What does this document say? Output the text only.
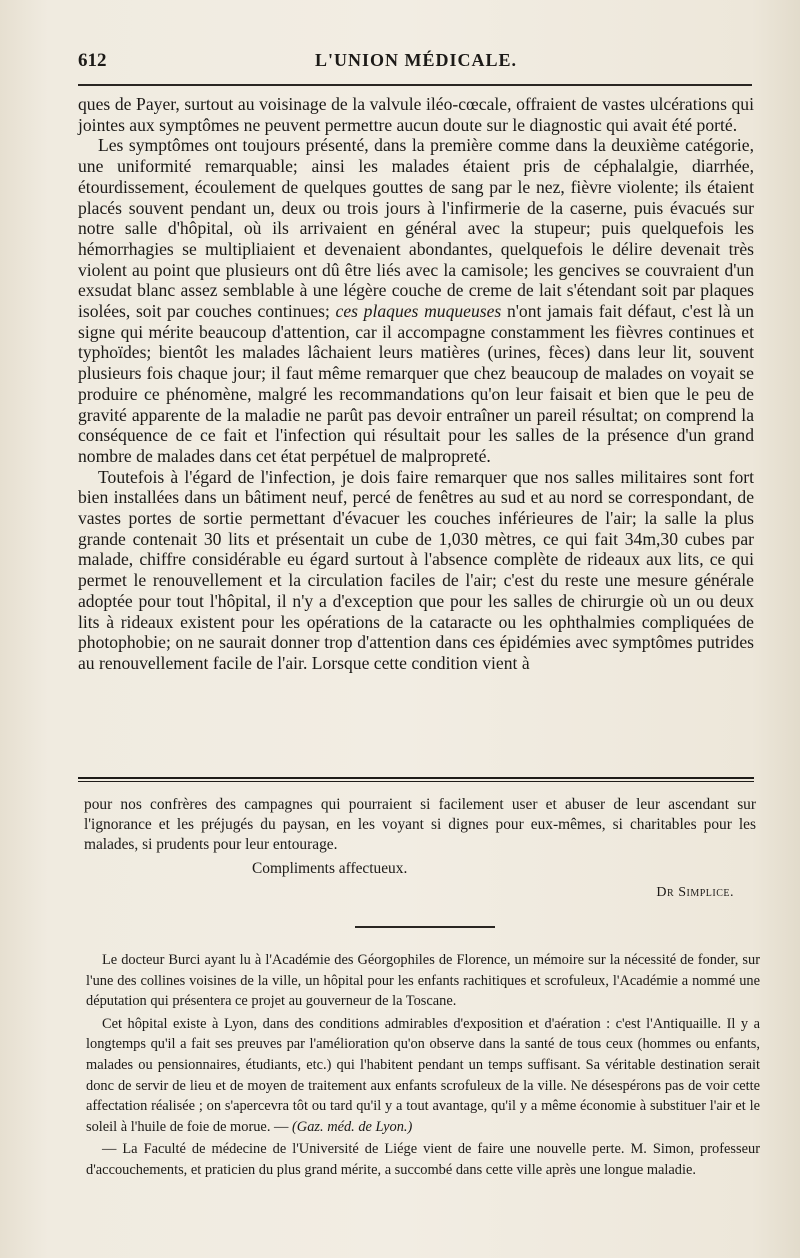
612	L'UNION MÉDICALE.

ques de Payer, surtout au voisinage de la valvule iléo-cœcale, offraient de vastes ulcérations qui jointes aux symptômes ne peuvent permettre aucun doute sur le diagnostic qui avait été porté.

Les symptômes ont toujours présenté, dans la première comme dans la deuxième catégorie, une uniformité remarquable; ainsi les malades étaient pris de céphalalgie, diarrhée, étourdissement, écoulement de quelques gouttes de sang par le nez, fièvre violente; ils étaient placés souvent pendant un, deux ou trois jours à l'infirmerie de la caserne, puis évacués sur notre salle d'hôpital, où ils arrivaient en général avec la stupeur; puis quelquefois les hémorrhagies se multipliaient et devenaient abondantes, quelquefois le délire devenait très violent au point que plusieurs ont dû être liés avec la camisole; les gencives se couvraient d'un exsudat blanc assez semblable à une légère couche de creme de lait s'étendant soit par plaques isolées, soit par couches continues; ces plaques muqueuses n'ont jamais fait défaut, c'est là un signe qui mérite beaucoup d'attention, car il accompagne constamment les fièvres continues et typhoïdes; bientôt les malades lâchaient leurs matières (urines, fèces) dans leur lit, souvent plusieurs fois chaque jour; il faut même remarquer que chez beaucoup de malades on voyait se produire ce phénomène, malgré les recommandations qu'on leur faisait et bien que le peu de gravité apparente de la maladie ne parût pas devoir entraîner un pareil résultat; on comprend la conséquence de ce fait et l'infection qui résultait pour les salles de la présence d'un grand nombre de malades dans cet état perpétuel de malpropreté.

Toutefois à l'égard de l'infection, je dois faire remarquer que nos salles militaires sont fort bien installées dans un bâtiment neuf, percé de fenêtres au sud et au nord se correspondant, de vastes portes de sortie permettant d'évacuer les couches inférieures de l'air; la salle la plus grande contenait 30 lits et présentait un cube de 1,030 mètres, ce qui fait 34m,30 cubes par malade, chiffre considérable eu égard surtout à l'absence complète de rideaux aux lits, ce qui permet le renouvellement et la circulation faciles de l'air; c'est du reste une mesure générale adoptée pour tout l'hôpital, il n'y a d'exception que pour les salles de chirurgie où un ou deux lits à rideaux existent pour les opérations de la cataracte ou les ophthalmies compliquées de photophobie; on ne saurait donner trop d'attention dans ces épidémies avec symptômes putrides au renouvellement facile de l'air. Lorsque cette condition vient à

pour nos confrères des campagnes qui pourraient si facilement user et abuser de leur ascendant sur l'ignorance et les préjugés du paysan, en les voyant si dignes pour eux-mêmes, si charitables pour les malades, si prudents pour leur entourage.

Compliments affectueux.
Dr Simplice.

Le docteur Burci ayant lu à l'Académie des Géorgophiles de Florence, un mémoire sur la nécessité de fonder, sur l'une des collines voisines de la ville, un hôpital pour les enfants rachitiques et scrofuleux, l'Académie a nommé une députation qui présentera ce projet au gouverneur de la Toscane.

Cet hôpital existe à Lyon, dans des conditions admirables d'exposition et d'aération : c'est l'Antiquaille. Il y a longtemps qu'il a fait ses preuves par l'amélioration qu'on observe dans la santé de tous ceux (hommes ou enfants, malades ou pensionnaires, étudiants, etc.) qui l'habitent pendant un temps suffisant. Sa véritable destination serait donc de servir de lieu et de moyen de traitement aux enfants scrofuleux de la ville. Ne désespérons pas de voir cette affectation réalisée ; on s'apercevra tôt ou tard qu'il y a tout avantage, qu'il y a même économie à substituer l'air et le soleil à l'huile de foie de morue. — (Gaz. méd. de Lyon.)

— La Faculté de médecine de l'Université de Liége vient de faire une nouvelle perte. M. Simon, professeur d'accouchements, et praticien du plus grand mérite, a succombé dans cette ville après une longue maladie.
